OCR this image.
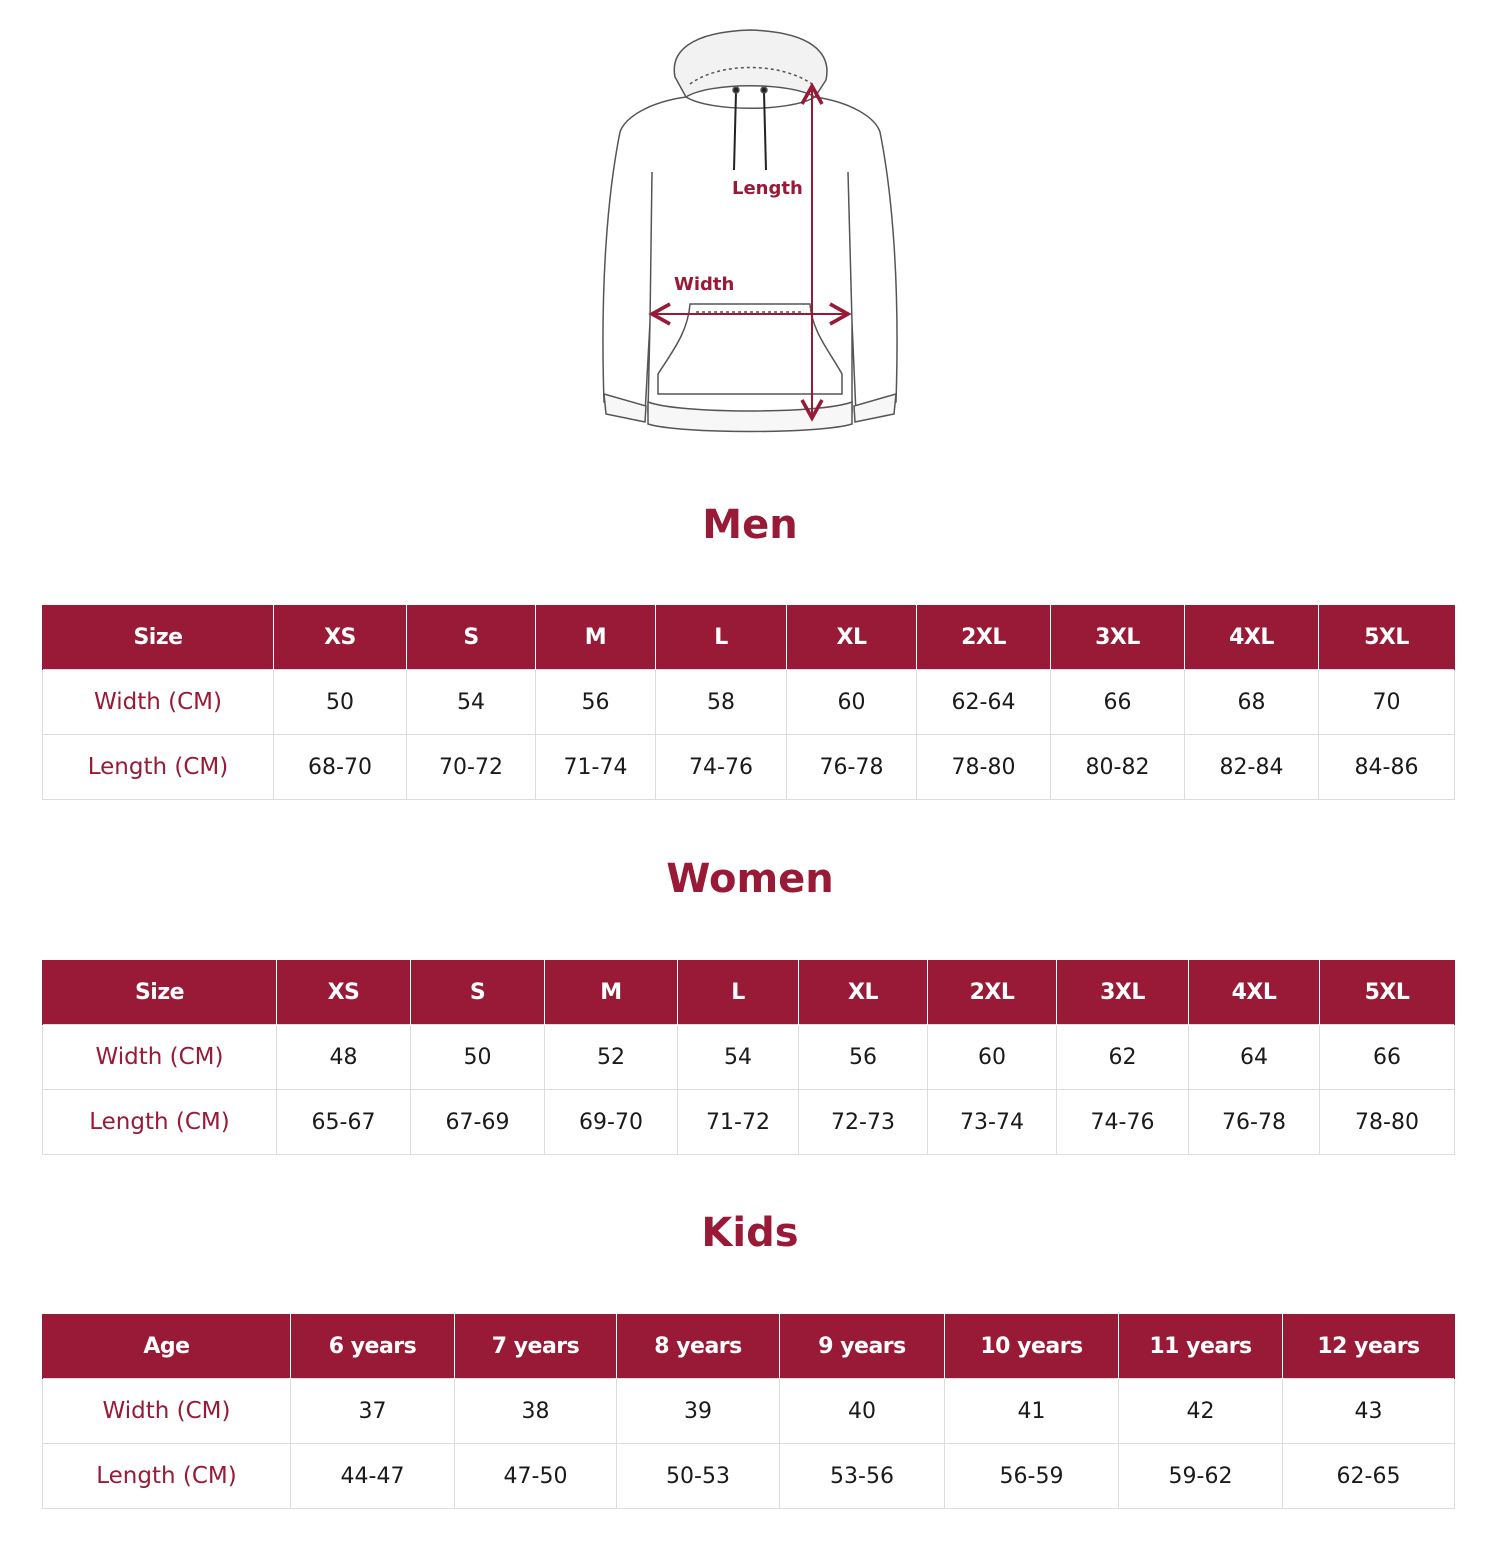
Length
Width
Men
Size	XS	S	M	L	XL	2XL	3XL	4XL	5XL
Width (CM)	50	54	56	58	60	62-64	66	68	70
Length (CM)	68-70	70-72	71-74	74-76	76-78	78-80	80-82	82-84	84-86
Women
Size	XS	S	M	L	XL	2XL	3XL	4XL	5XL
Width (CM)	48	50	52	54	56	60	62	64	66
Length (CM)	65-67	67-69	69-70	71-72	72-73	73-74	74-76	76-78	78-80
Kids
Age	6 years	7 years	8 years	9 years	10 years	11 years	12 years
Width (CM)	37	38	39	40	41	42	43
Length (CM)	44-47	47-50	50-53	53-56	56-59	59-62	62-65
